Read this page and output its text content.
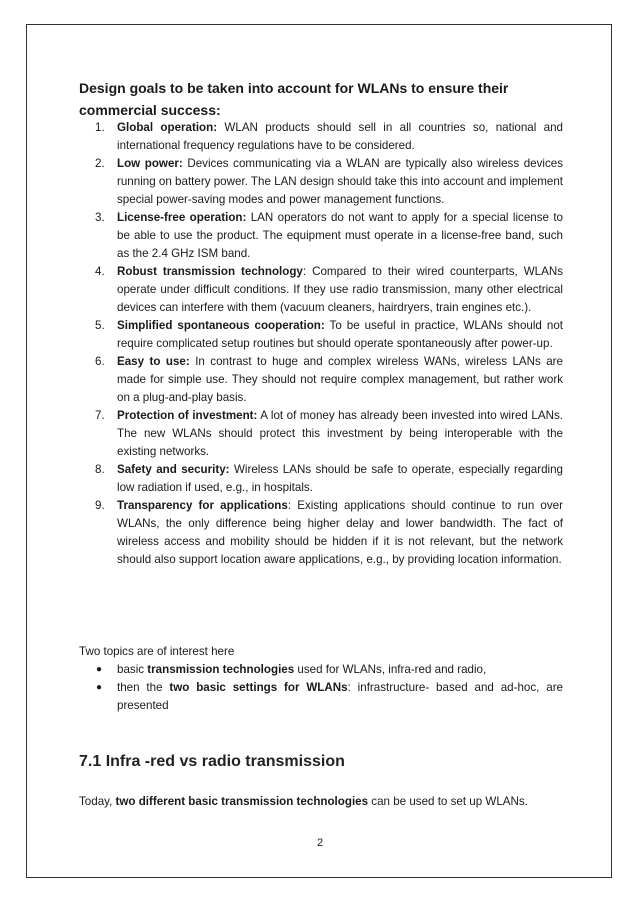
Design goals to be taken into account for WLANs to ensure their commercial success:

1. Global operation: WLAN products should sell in all countries so, national and international frequency regulations have to be considered.
2. Low power: Devices communicating via a WLAN are typically also wireless devices running on battery power. The LAN design should take this into account and implement special power-saving modes and power management functions.
3. License-free operation: LAN operators do not want to apply for a special license to be able to use the product. The equipment must operate in a license-free band, such as the 2.4 GHz ISM band.
4. Robust transmission technology: Compared to their wired counterparts, WLANs operate under difficult conditions. If they use radio transmission, many other electrical devices can interfere with them (vacuum cleaners, hairdryers, train engines etc.).
5. Simplified spontaneous cooperation: To be useful in practice, WLANs should not require complicated setup routines but should operate spontaneously after power-up.
6. Easy to use: In contrast to huge and complex wireless WANs, wireless LANs are made for simple use. They should not require complex management, but rather work on a plug-and-play basis.
7. Protection of investment: A lot of money has already been invested into wired LANs. The new WLANs should protect this investment by being interoperable with the existing networks.
8. Safety and security: Wireless LANs should be safe to operate, especially regarding low radiation if used, e.g., in hospitals.
9. Transparency for applications: Existing applications should continue to run over WLANs, the only difference being higher delay and lower bandwidth. The fact of wireless access and mobility should be hidden if it is not relevant, but the network should also support location aware applications, e.g., by providing location information.

Two topics are of interest here

● basic transmission technologies used for WLANs, infra-red and radio,
● then the two basic settings for WLANs: infrastructure- based and ad-hoc, are presented
7.1 Infra -red vs radio transmission

Today, two different basic transmission technologies can be used to set up WLANs.

2
